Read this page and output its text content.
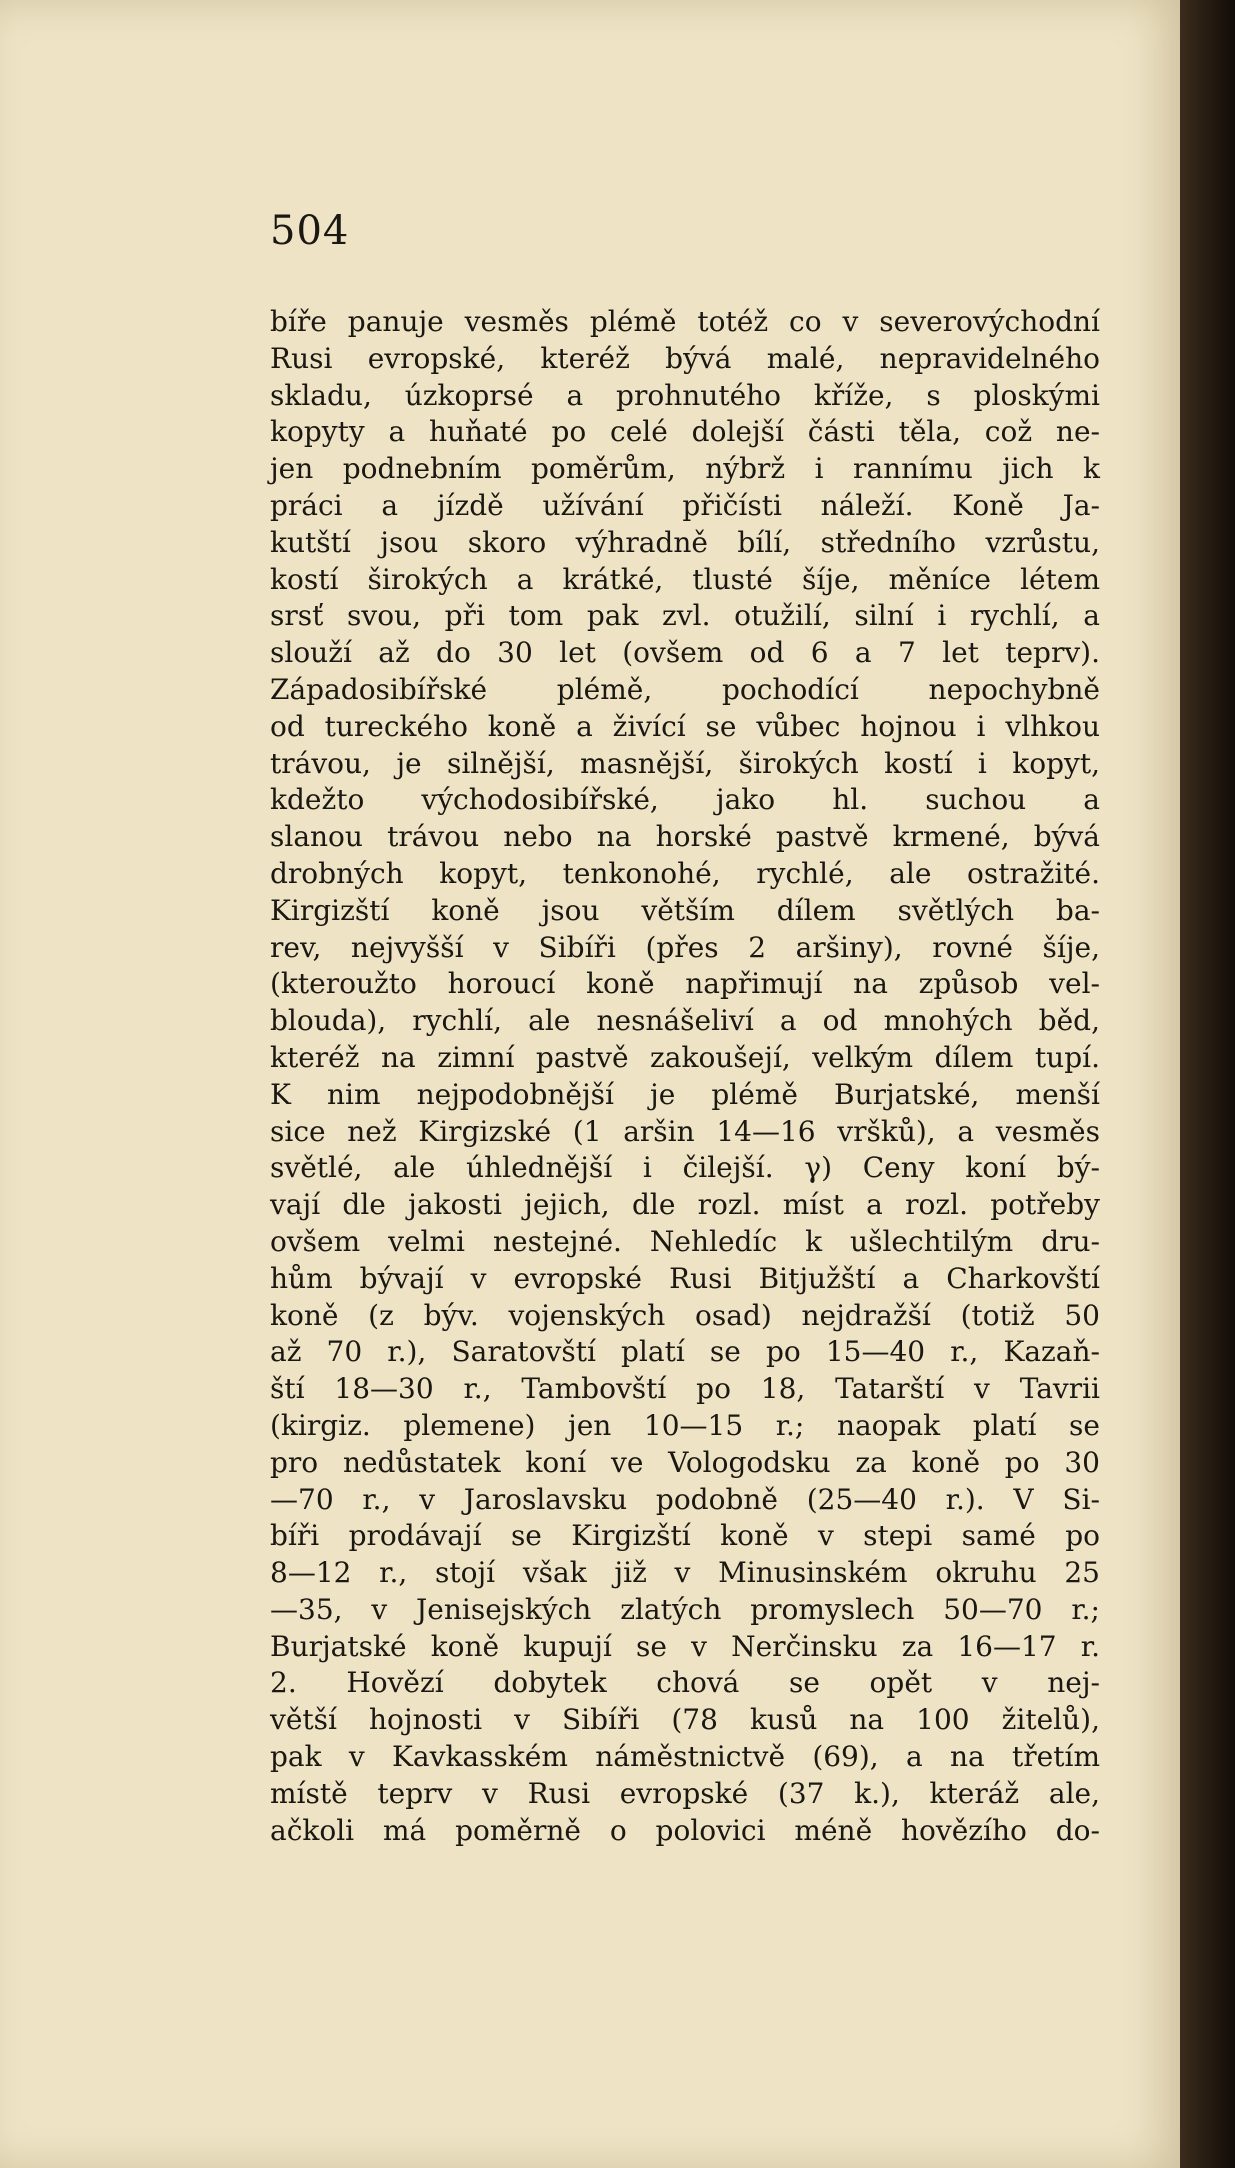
504
bíře panuje vesměs plémě totéž co v severovýchodní
Rusi evropské, kteréž bývá malé, nepravidelného
skladu, úzkoprsé a prohnutého kříže, s ploskými
kopyty a huňaté po celé dolejší části těla, což ne-
jen podnebním poměrům, nýbrž i rannímu jich k
práci a jízdě užívání přičísti náleží. Koně Ja-
kutští jsou skoro výhradně bílí, středního vzrůstu,
kostí širokých a krátké, tlusté šíje, měníce létem
srsť svou, při tom pak zvl. otužilí, silní i rychlí, a
slouží až do 30 let (ovšem od 6 a 7 let teprv).
Západosibířské plémě, pochodící nepochybně
od tureckého koně a živící se vůbec hojnou i vlhkou
trávou, je silnější, masnější, širokých kostí i kopyt,
kdežto východosibířské, jako hl. suchou a
slanou trávou nebo na horské pastvě krmené, bývá
drobných kopyt, tenkonohé, rychlé, ale ostražité.
Kirgizští koně jsou větším dílem světlých ba-
rev, nejvyšší v Sibíři (přes 2 aršiny), rovné šíje,
(kteroužto horoucí koně napřimují na způsob vel-
blouda), rychlí, ale nesnášeliví a od mnohých běd,
kteréž na zimní pastvě zakoušejí, velkým dílem tupí.
K nim nejpodobnější je plémě Burjatské, menší
sice než Kirgizské (1 aršin 14—16 vršků), a vesměs
světlé, ale úhlednější i čilejší. γ) Ceny koní bý-
vají dle jakosti jejich, dle rozl. míst a rozl. potřeby
ovšem velmi nestejné. Nehledíc k ušlechtilým dru-
hům bývají v evropské Rusi Bitjužští a Charkovští
koně (z býv. vojenských osad) nejdražší (totiž 50
až 70 r.), Saratovští platí se po 15—40 r., Kazaň-
ští 18—30 r., Tambovští po 18, Tatarští v Tavrii
(kirgiz. plemene) jen 10—15 r.; naopak platí se
pro nedůstatek koní ve Vologodsku za koně po 30
—70 r., v Jaroslavsku podobně (25—40 r.). V Si-
bíři prodávají se Kirgizští koně v stepi samé po
8—12 r., stojí však již v Minusinském okruhu 25
—35, v Jenisejských zlatých promyslech 50—70 r.;
Burjatské koně kupují se v Nerčinsku za 16—17 r.
2. Hovězí dobytek chová se opět v nej-
větší hojnosti v Sibíři (78 kusů na 100 žitelů),
pak v Kavkasském náměstnictvě (69), a na třetím
místě teprv v Rusi evropské (37 k.), kteráž ale,
ačkoli má poměrně o polovici méně hovězího do-
